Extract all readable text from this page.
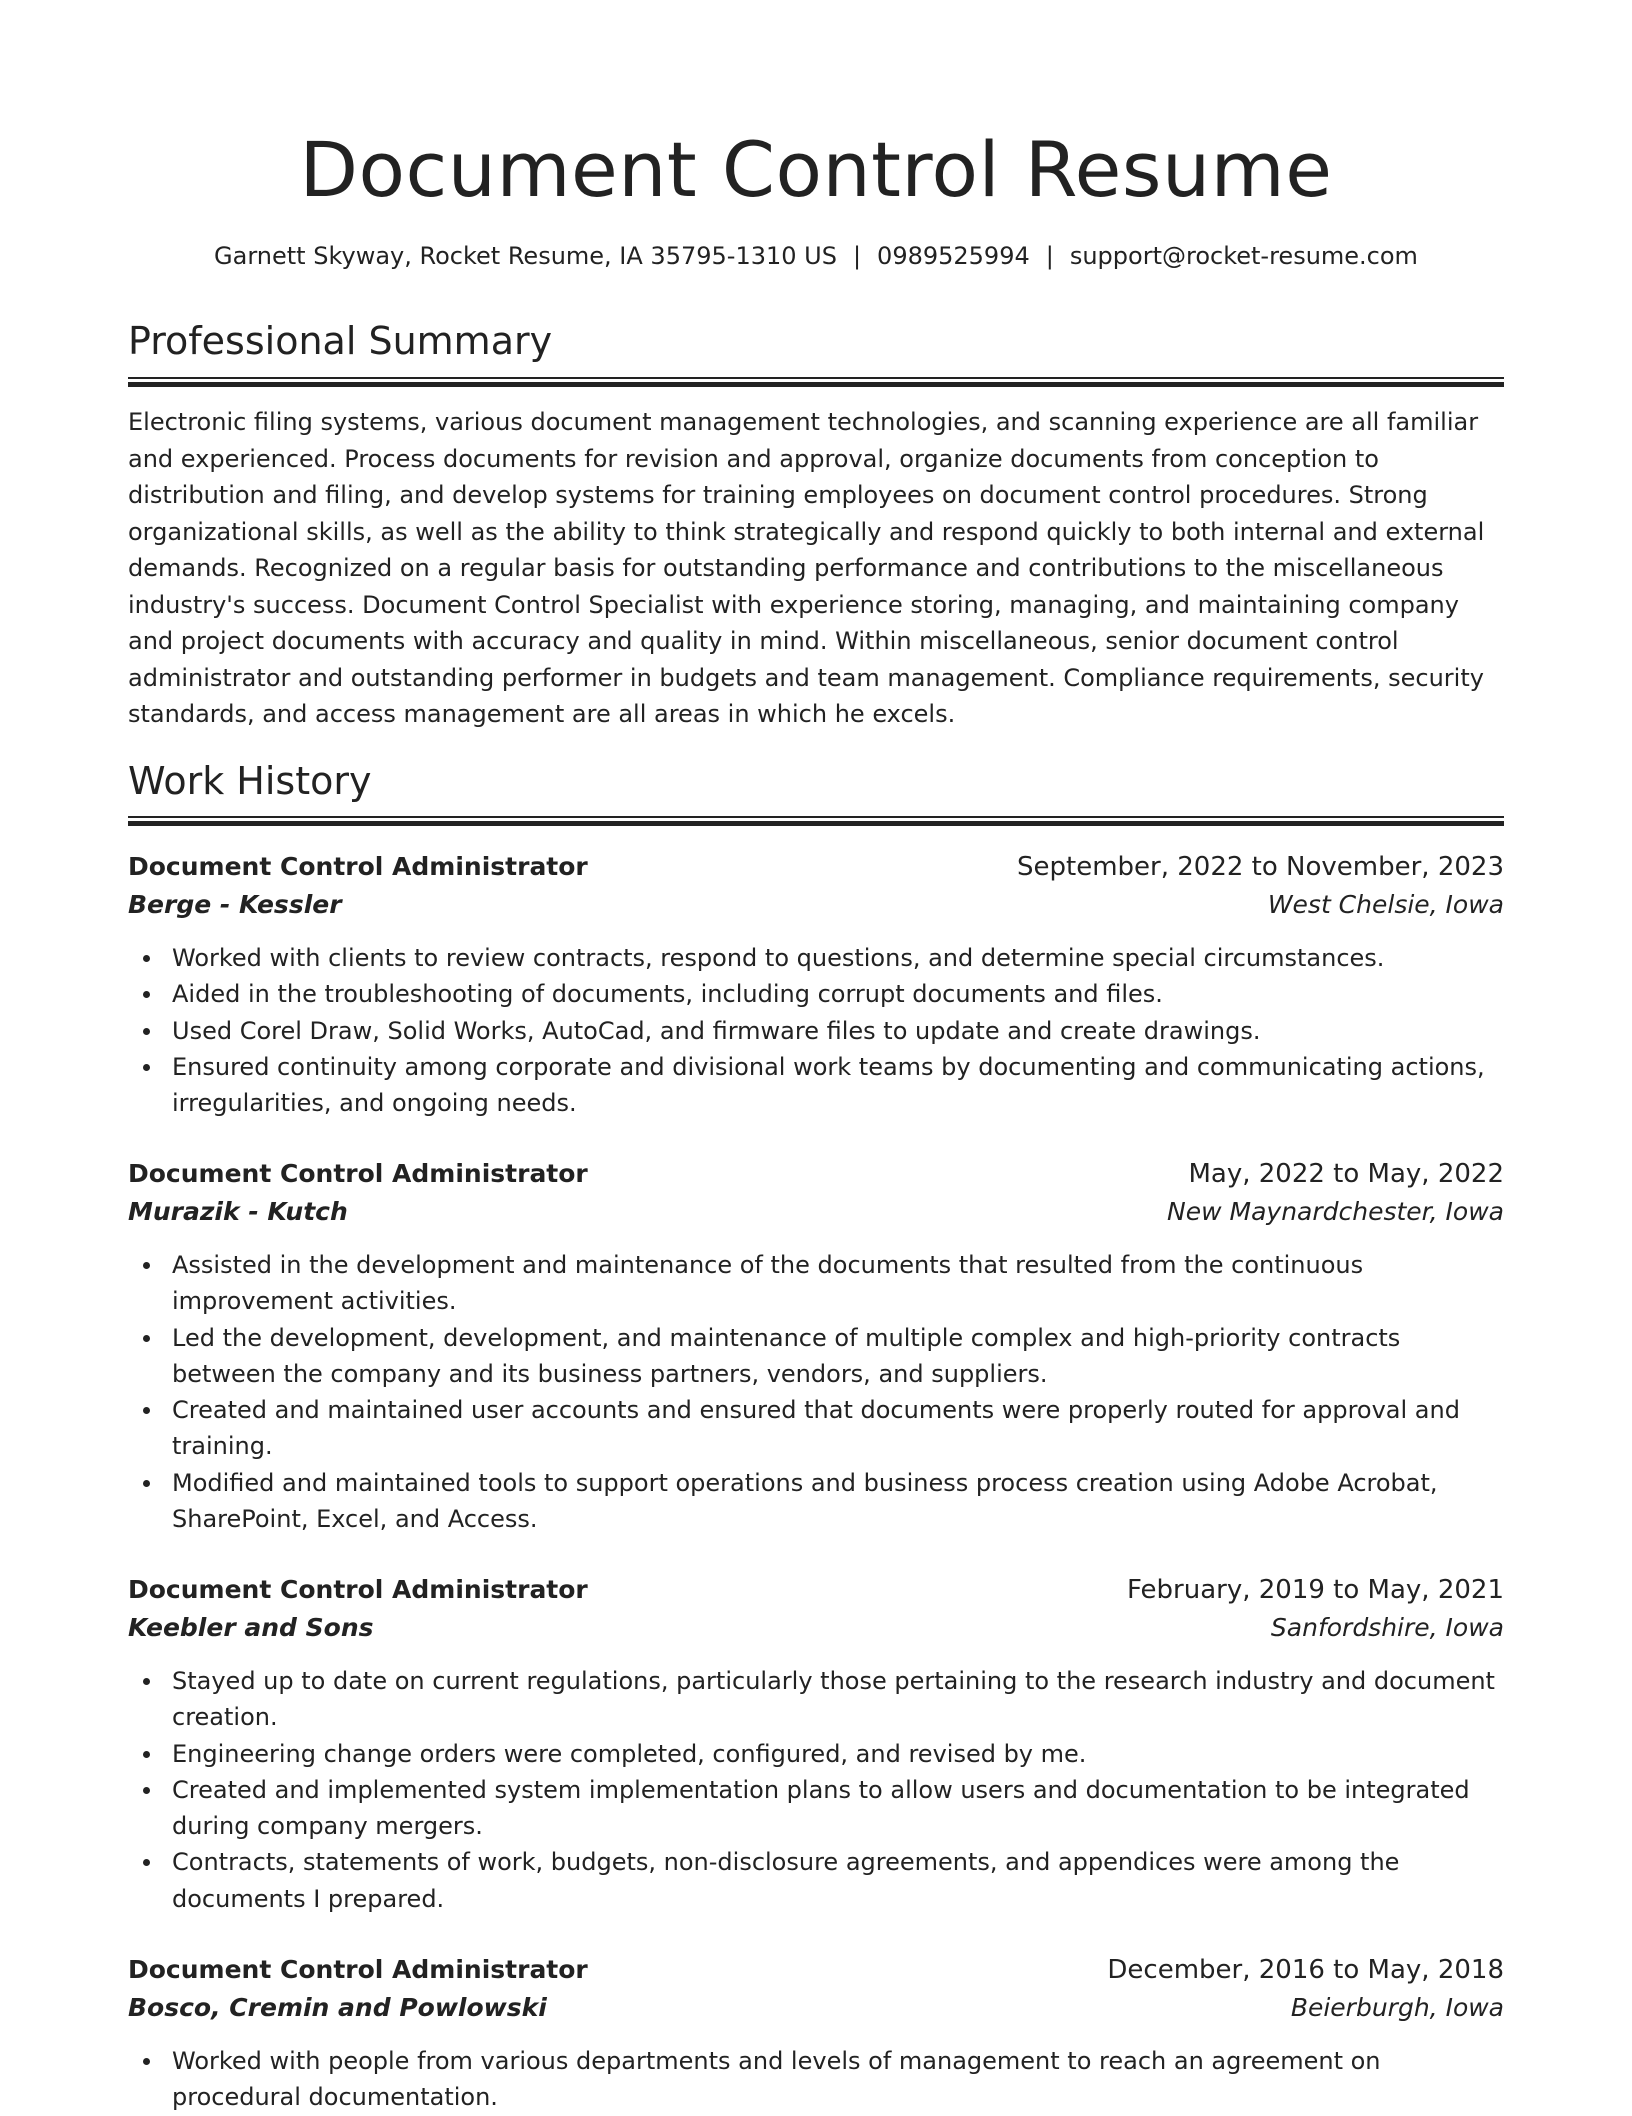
Document Control Resume
Garnett Skyway, Rocket Resume, IA 35795-1310 US | 0989525994 | support@rocket-resume.com
Professional Summary

Electronic filing systems, various document management technologies, and scanning experience are all familiar and experienced. Process documents for revision and approval, organize documents from conception to distribution and filing, and develop systems for training employees on document control procedures. Strong organizational skills, as well as the ability to think strategically and respond quickly to both internal and external demands. Recognized on a regular basis for outstanding performance and contributions to the miscellaneous industry's success. Document Control Specialist with experience storing, managing, and maintaining company and project documents with accuracy and quality in mind. Within miscellaneous, senior document control administrator and outstanding performer in budgets and team management. Compliance requirements, security standards, and access management are all areas in which he excels.

Work History
Document Control Administrator	September, 2022 to November, 2023
Berge - Kessler	West Chelsie, Iowa
Worked with clients to review contracts, respond to questions, and determine special circumstances.
Aided in the troubleshooting of documents, including corrupt documents and files.
Used Corel Draw, Solid Works, AutoCad, and firmware files to update and create drawings.
Ensured continuity among corporate and divisional work teams by documenting and communicating actions, irregularities, and ongoing needs.
Document Control Administrator	May, 2022 to May, 2022
Murazik - Kutch	New Maynardchester, Iowa
Assisted in the development and maintenance of the documents that resulted from the continuous improvement activities.
Led the development, development, and maintenance of multiple complex and high-priority contracts between the company and its business partners, vendors, and suppliers.
Created and maintained user accounts and ensured that documents were properly routed for approval and training.
Modified and maintained tools to support operations and business process creation using Adobe Acrobat, SharePoint, Excel, and Access.
Document Control Administrator	February, 2019 to May, 2021
Keebler and Sons	Sanfordshire, Iowa
Stayed up to date on current regulations, particularly those pertaining to the research industry and document creation.
Engineering change orders were completed, configured, and revised by me.
Created and implemented system implementation plans to allow users and documentation to be integrated during company mergers.
Contracts, statements of work, budgets, non-disclosure agreements, and appendices were among the documents I prepared.
Document Control Administrator	December, 2016 to May, 2018
Bosco, Cremin and Powlowski	Beierburgh, Iowa
Worked with people from various departments and levels of management to reach an agreement on procedural documentation.
